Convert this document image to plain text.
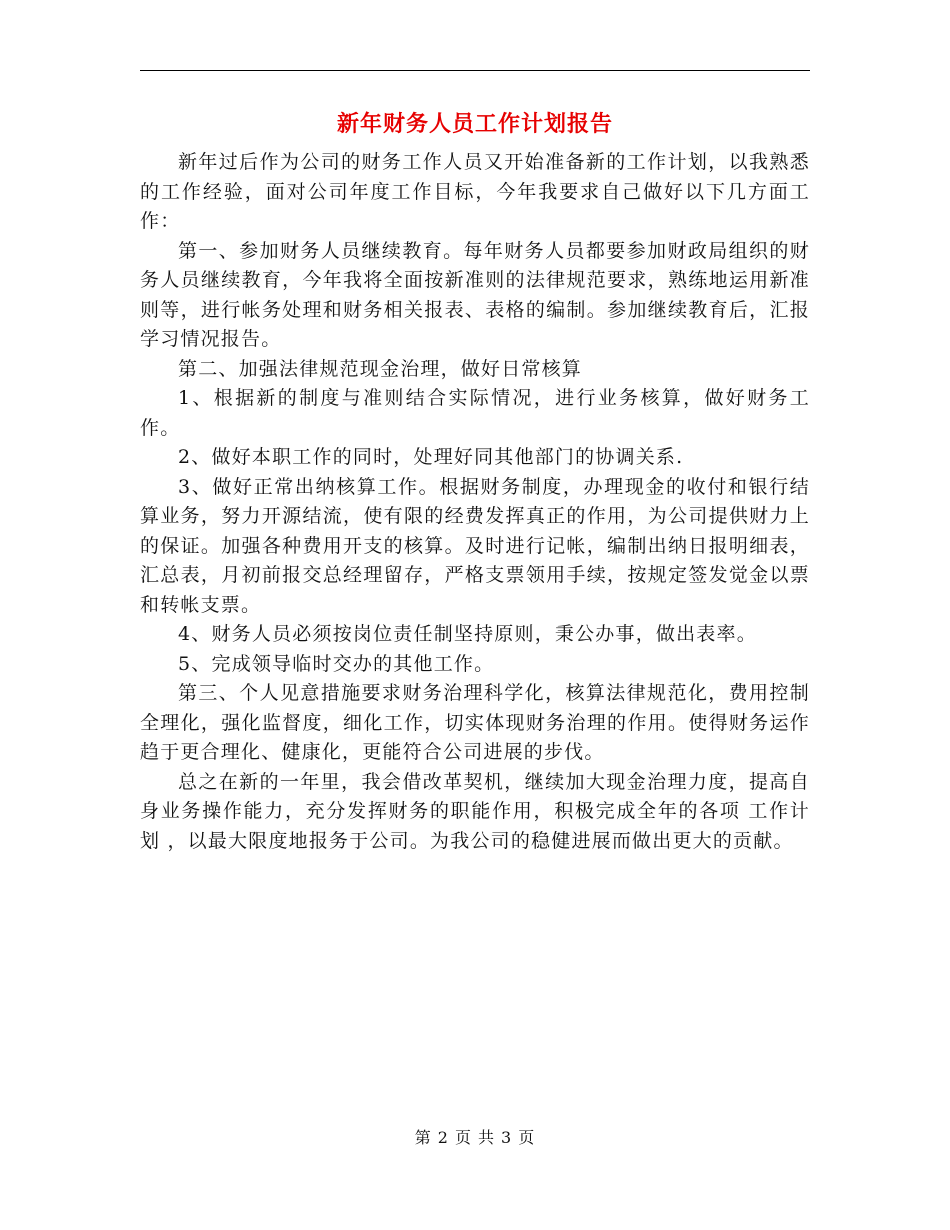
新年财务人员工作计划报告

新年过后作为公司的财务工作人员又开始准备新的工作计划，以我熟悉的工作经验，面对公司年度工作目标，今年我要求自己做好以下几方面工作：

第一、参加财务人员继续教育。每年财务人员都要参加财政局组织的财务人员继续教育，今年我将全面按新准则的法律规范要求，熟练地运用新准则等，进行帐务处理和财务相关报表、表格的编制。参加继续教育后，汇报学习情况报告。

第二、加强法律规范现金治理，做好日常核算

1、根据新的制度与准则结合实际情况，进行业务核算，做好财务工作。

2、做好本职工作的同时，处理好同其他部门的协调关系.

3、做好正常出纳核算工作。根据财务制度，办理现金的收付和银行结算业务，努力开源结流，使有限的经费发挥真正的作用，为公司提供财力上的保证。加强各种费用开支的核算。及时进行记帐，编制出纳日报明细表，汇总表，月初前报交总经理留存，严格支票领用手续，按规定签发觉金以票和转帐支票。

4、财务人员必须按岗位责任制坚持原则，秉公办事，做出表率。

5、完成领导临时交办的其他工作。

第三、个人见意措施要求财务治理科学化，核算法律规范化，费用控制全理化，强化监督度，细化工作，切实体现财务治理的作用。使得财务运作趋于更合理化、健康化，更能符合公司进展的步伐。

总之在新的一年里，我会借改革契机，继续加大现金治理力度，提高自身业务操作能力，充分发挥财务的职能作用，积极完成全年的各项 工作计划 ，以最大限度地报务于公司。为我公司的稳健进展而做出更大的贡献。

第 2 页 共 3 页
